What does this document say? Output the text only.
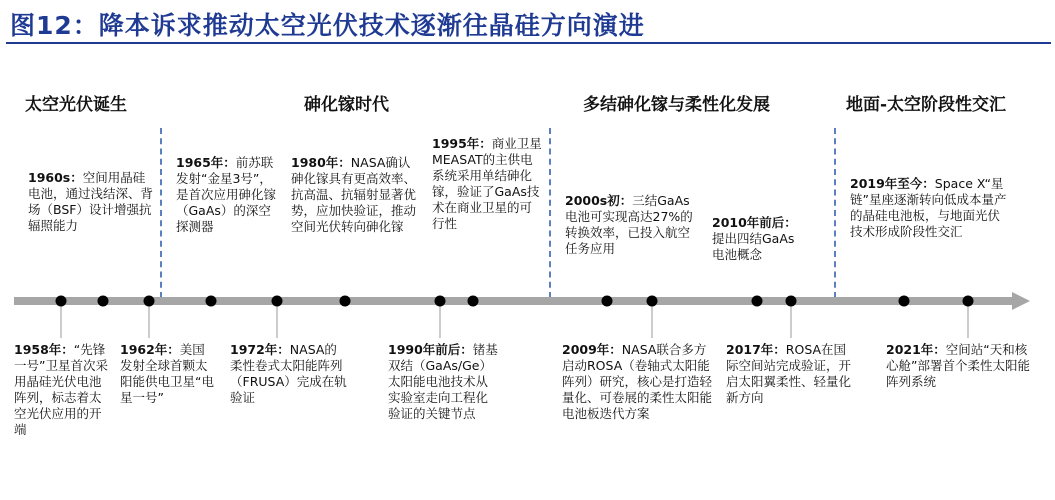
图12：降本诉求推动太空光伏技术逐渐往晶硅方向演进
太空光伏诞生	砷化镓时代	多结砷化镓与柔性化发展	地面-太空阶段性交汇
1960s：空间用晶硅电池，通过浅结深、背场（BSF）设计增强抗辐照能力
1965年：前苏联发射“金星3号”，是首次应用砷化镓（GaAs）的深空探测器
1980年：NASA确认砷化镓具有更高效率、抗高温、抗辐射显著优势，应加快验证，推动空间光伏转向砷化镓
1995年：商业卫星MEASAT的主供电系统采用单结砷化镓，验证了GaAs技术在商业卫星的可行性
2000s初：三结GaAs电池可实现高达27%的转换效率，已投入航空任务应用
2010年前后：提出四结GaAs电池概念
2019年至今：Space X“星链”星座逐渐转向低成本量产的晶硅电池板，与地面光伏技术形成阶段性交汇
1958年：“先锋一号”卫星首次采用晶硅光伏电池阵列，标志着太空光伏应用的开端
1962年：美国发射全球首颗太阳能供电卫星“电星一号”
1972年：NASA的柔性卷式太阳能阵列（FRUSA）完成在轨验证
1990年前后：锗基双结（GaAs/Ge）太阳能电池技术从实验室走向工程化验证的关键节点
2009年：NASA联合多方启动ROSA（卷轴式太阳能阵列）研究，核心是打造轻量化、可卷展的柔性太阳能电池板迭代方案
2017年：ROSA在国际空间站完成验证，开启太阳翼柔性、轻量化新方向
2021年：空间站“天和核心舱”部署首个柔性太阳能阵列系统
